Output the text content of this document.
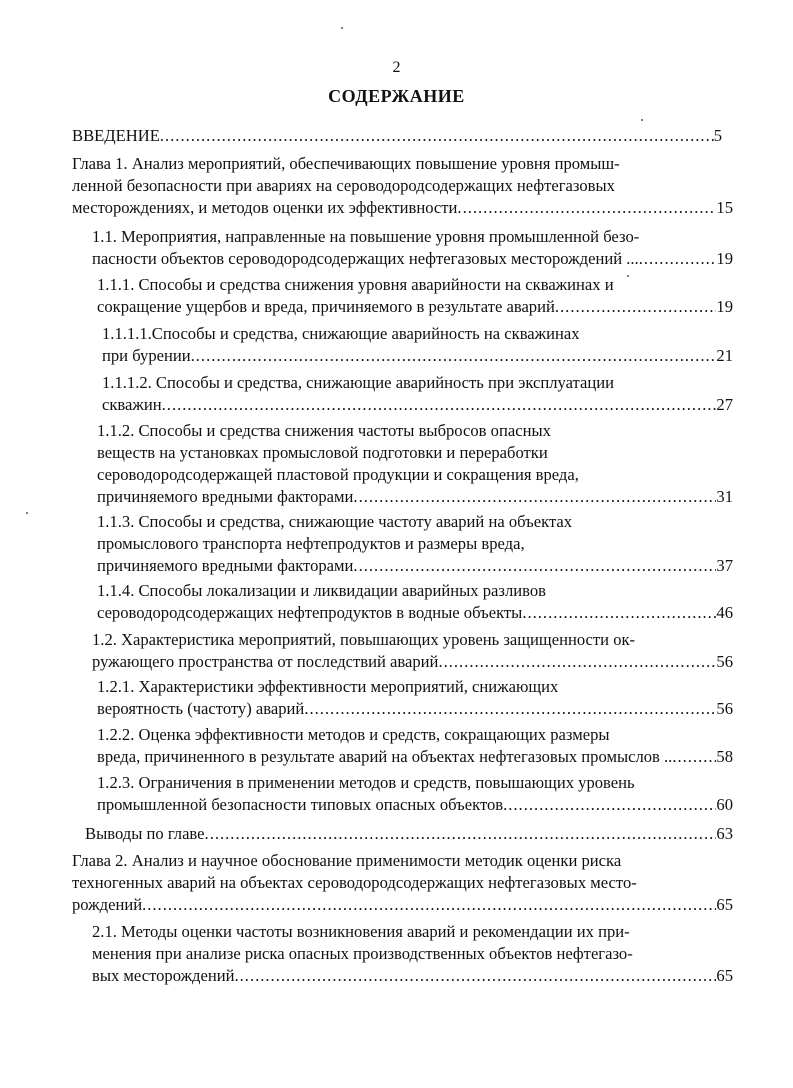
2
СОДЕРЖАНИЕ
ВВЕДЕНИЕ .....	5
Глава 1. Анализ мероприятий, обеспечивающих повышение уровня промыш-
ленной безопасности при авариях на сероводородсодержащих нефтегазовых
месторождениях, и методов оценки их эффективности .....	15
1.1. Мероприятия, направленные на повышение уровня промышленной безо-
пасности объектов сероводородсодержащих нефтегазовых месторождений ... .....	19
1.1.1. Способы и средства снижения уровня аварийности на скважинах и
сокращение ущербов и вреда, причиняемого в результате аварий .....	19
1.1.1.1.Способы и средства, снижающие аварийность на скважинах
при бурении .....	21
1.1.1.2. Способы и средства, снижающие аварийность при эксплуатации
скважин .....	27
1.1.2. Способы и средства снижения частоты выбросов опасных
веществ на установках промысловой подготовки и переработки
сероводородсодержащей пластовой продукции и сокращения вреда,
причиняемого вредными факторами .....	31
1.1.3. Способы и средства, снижающие частоту аварий на объектах
промыслового транспорта нефтепродуктов и размеры вреда,
причиняемого вредными факторами .....	37
1.1.4. Способы локализации и ликвидации аварийных разливов
сероводородсодержащих нефтепродуктов в водные объекты .....	46
1.2. Характеристика мероприятий, повышающих уровень защищенности ок-
ружающего пространства от последствий аварий .....	56
1.2.1. Характеристики эффективности мероприятий, снижающих
вероятность (частоту) аварий .....	56
1.2.2. Оценка эффективности методов и средств, сокращающих размеры
вреда, причиненного в результате аварий на объектах нефтегазовых промыслов .. .....	58
1.2.3. Ограничения в применении методов и средств, повышающих уровень
промышленной безопасности типовых опасных объектов .....	60
Выводы по главе .....	63
Глава 2. Анализ и научное обоснование применимости методик оценки риска
техногенных аварий на объектах сероводородсодержащих нефтегазовых место-
рождений .....	65
2.1. Методы оценки частоты возникновения аварий и рекомендации их при-
менения при анализе риска опасных производственных объектов нефтегазо-
вых месторождений .....	65
